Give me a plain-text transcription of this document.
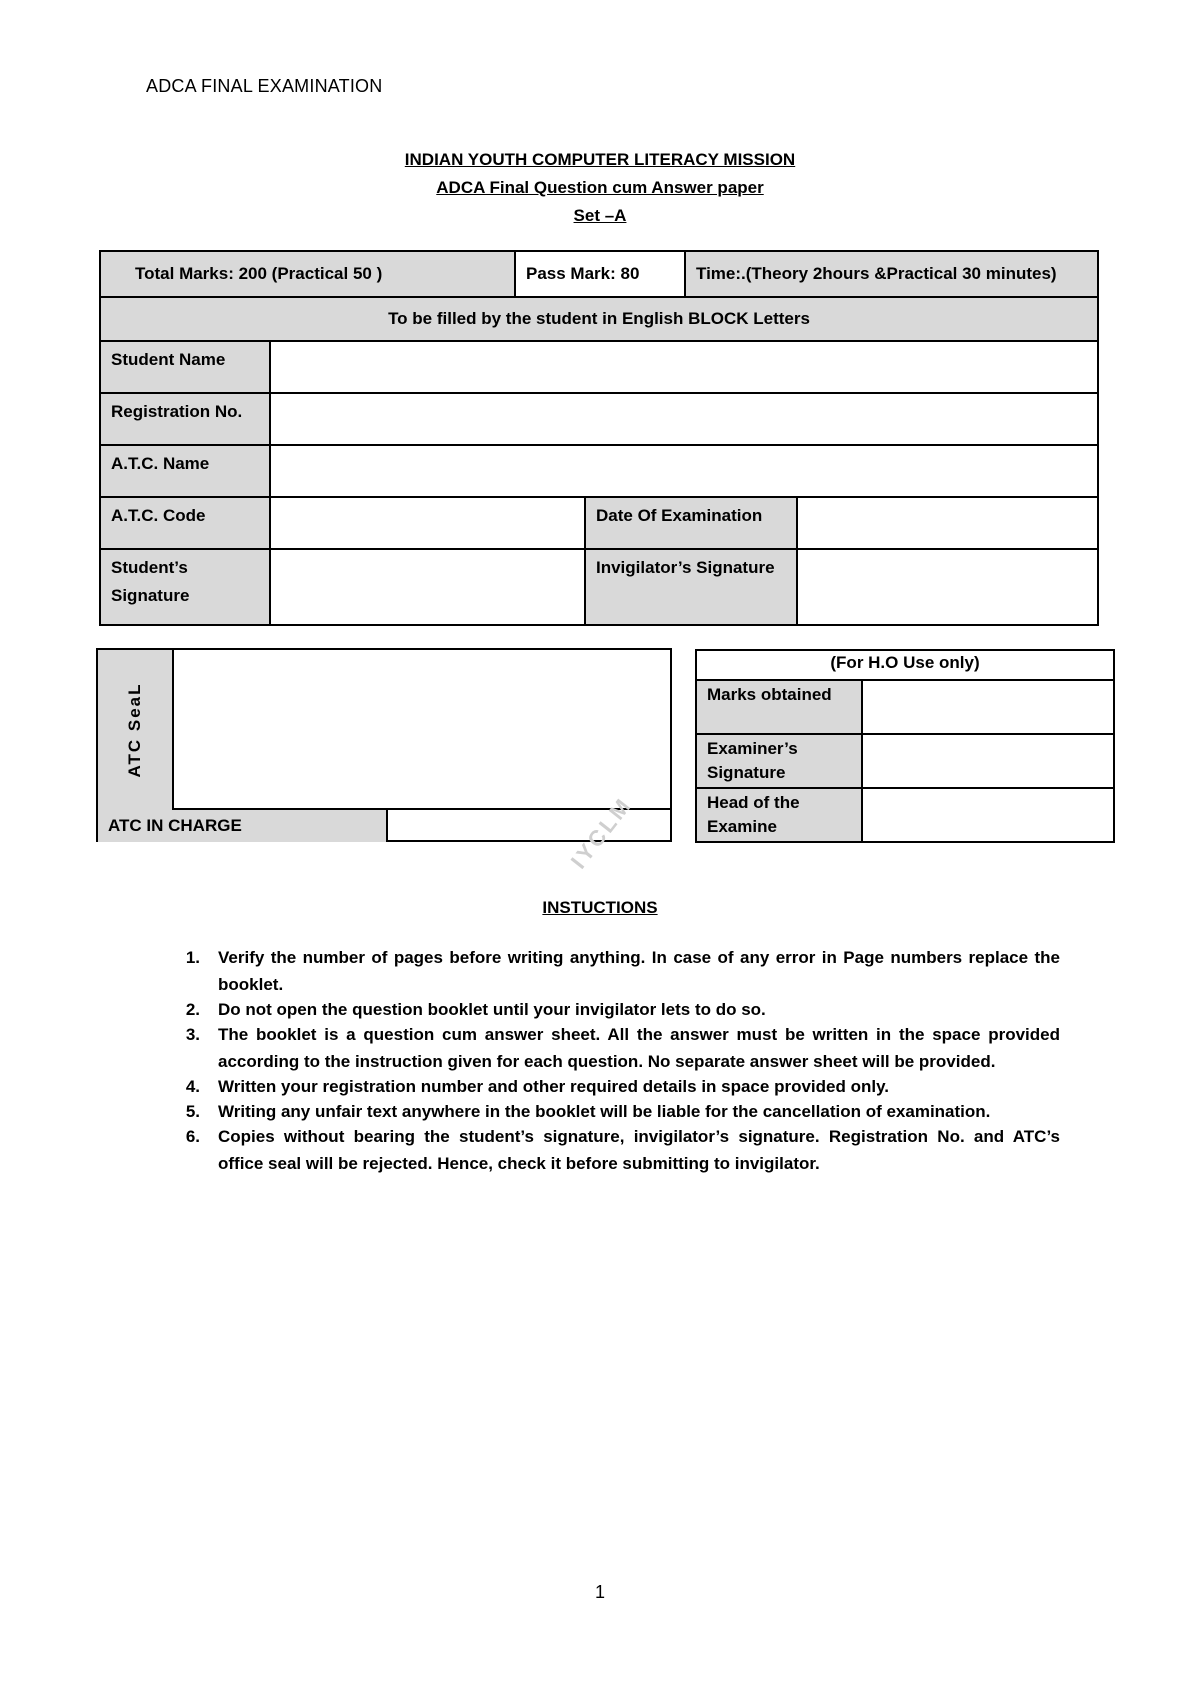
ADCA FINAL EXAMINATION
INDIAN YOUTH COMPUTER LITERACY MISSION
ADCA Final Question cum Answer paper
Set –A
Total Marks: 200 (Practical 50 )		Pass Mark: 80		Time:.(Theory 2hours &Practical 30 minutes)	
To be filled by the student in English BLOCK Letters					
Student Name					
Registration No.					
A.T.C. Name					
A.T.C. Code			Date Of Examination		
Student’s Signature			Invigilator’s Signature		
ATC SeaL
ATC IN CHARGE
(For H.O Use only)	
Marks obtained	
Examiner’s Signature	
Head of the Examine	
IYCLM
INSTUCTIONS
1. Verify the number of pages before writing anything. In case of any error in Page numbers replace the booklet.
2. Do not open the question booklet until your invigilator lets to do so.
3. The booklet is a question cum answer sheet. All the answer must be written in the space provided according to the instruction given for each question. No separate answer sheet will be provided.
4. Written your registration number and other required details in space provided only.
5. Writing any unfair text anywhere in the booklet will be liable for the cancellation of examination.
6. Copies without bearing the student’s signature, invigilator’s signature. Registration No. and ATC’s office seal will be rejected. Hence, check it before submitting to invigilator.
1
